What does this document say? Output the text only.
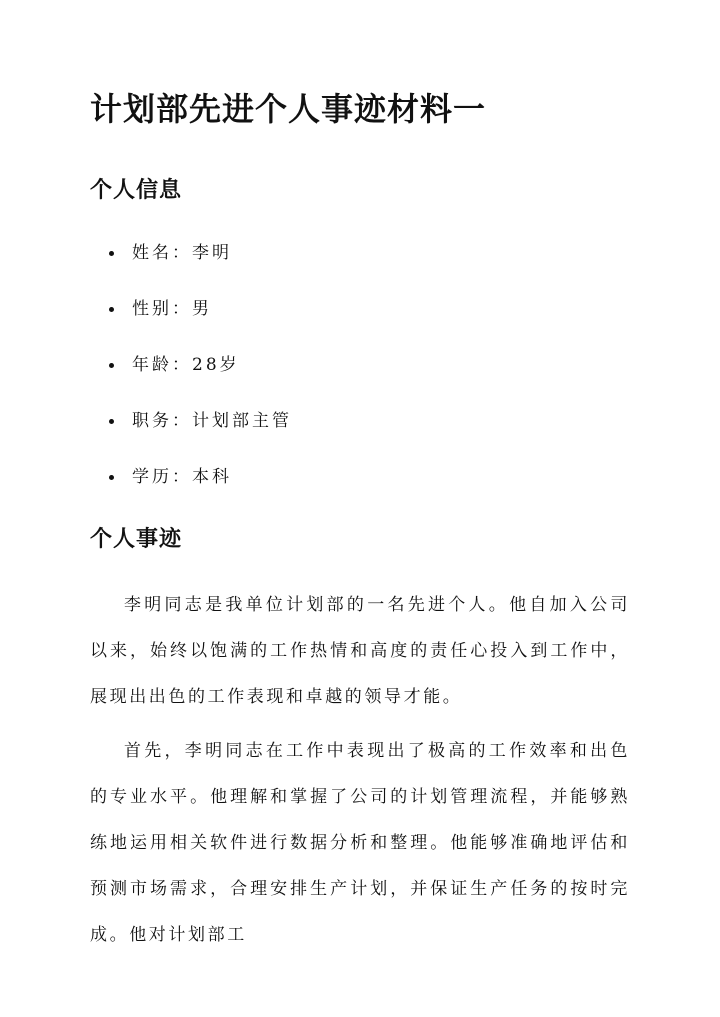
计划部先进个人事迹材料一
个人信息
姓名：李明
性别：男
年龄：28岁
职务：计划部主管
学历：本科
个人事迹

李明同志是我单位计划部的一名先进个人。他自加入公司以来，始终以饱满的工作热情和高度的责任心投入到工作中，展现出出色的工作表现和卓越的领导才能。

首先，李明同志在工作中表现出了极高的工作效率和出色的专业水平。他理解和掌握了公司的计划管理流程，并能够熟练地运用相关软件进行数据分析和整理。他能够准确地评估和预测市场需求，合理安排生产计划，并保证生产任务的按时完成。他对计划部工
